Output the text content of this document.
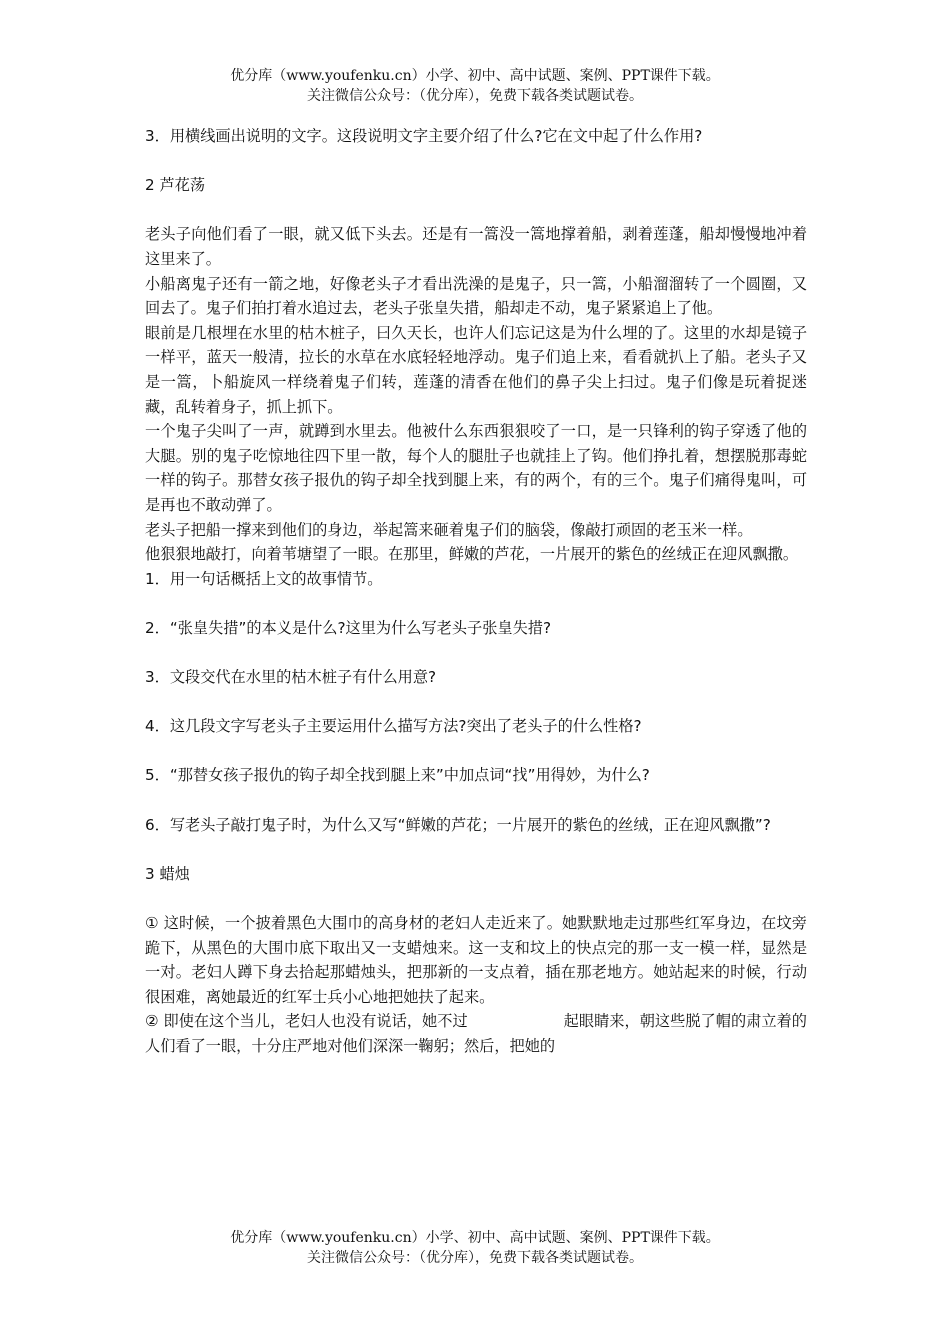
优分库（www.youfenku.cn）小学、初中、高中试题、案例、PPT课件下载。
关注微信公众号：（优分库），免费下载各类试题试卷。

3．用横线画出说明的文字。这段说明文字主要介绍了什么?它在文中起了什么作用?

2 芦花荡

老头子向他们看了一眼，就又低下头去。还是有一篙没一篙地撑着船，剥着莲蓬，船却慢慢地冲着这里来了。

小船离鬼子还有一箭之地，好像老头子才看出洗澡的是鬼子，只一篙，小船溜溜转了一个圆圈，又回去了。鬼子们拍打着水追过去，老头子张皇失措，船却走不动，鬼子紧紧追上了他。

眼前是几根埋在水里的枯木桩子，曰久天长，也许人们忘记这是为什么埋的了。这里的水却是镜子一样平，蓝天一般清，拉长的水草在水底轻轻地浮动。鬼子们追上来，看看就扒上了船。老头子又是一篙，卜船旋风一样绕着鬼子们转，莲蓬的清香在他们的鼻子尖上扫过。鬼子们像是玩着捉迷藏，乱转着身子，抓上抓下。

一个鬼子尖叫了一声，就蹲到水里去。他被什么东西狠狠咬了一口，是一只锋利的钩子穿透了他的大腿。别的鬼子吃惊地往四下里一散，每个人的腿肚子也就挂上了钩。他们挣扎着，想摆脱那毒蛇一样的钩子。那替女孩子报仇的钩子却全找到腿上来，有的两个，有的三个。鬼子们痛得鬼叫，可是再也不敢动弹了。

老头子把船一撑来到他们的身边，举起篙来砸着鬼子们的脑袋，像敲打顽固的老玉米一样。

他狠狠地敲打，向着苇塘望了一眼。在那里，鲜嫩的芦花，一片展开的紫色的丝绒正在迎风飘撒。

1．用一句话概括上文的故事情节。

2．“张皇失措”的本义是什么?这里为什么写老头子张皇失措?

3．文段交代在水里的枯木桩子有什么用意?

4．这几段文字写老头子主要运用什么描写方法?突出了老头子的什么性格?

5．“那替女孩子报仇的钩子却全找到腿上来”中加点词“找”用得妙，为什么?

6．写老头子敲打鬼子时，为什么又写“鲜嫩的芦花；一片展开的紫色的丝绒，正在迎风飘撒”?

3 蜡烛

① 这时候，一个披着黑色大围巾的高身材的老妇人走近来了。她默默地走过那些红军身边，在坟旁跪下，从黑色的大围巾底下取出又一支蜡烛来。这一支和坟上的快点完的那一支一模一样，显然是一对。老妇人蹲下身去拾起那蜡烛头，把那新的一支点着，插在那老地方。她站起来的时候，行动很困难，离她最近的红军士兵小心地把她扶了起来。

② 即使在这个当儿，老妇人也没有说话，她不过	起眼睛来，朝这些脱了帽的肃立着的人们看了一眼，十分庄严地对他们深深一鞠躬；然后，把她的

优分库（www.youfenku.cn）小学、初中、高中试题、案例、PPT课件下载。
关注微信公众号：（优分库），免费下载各类试题试卷。
